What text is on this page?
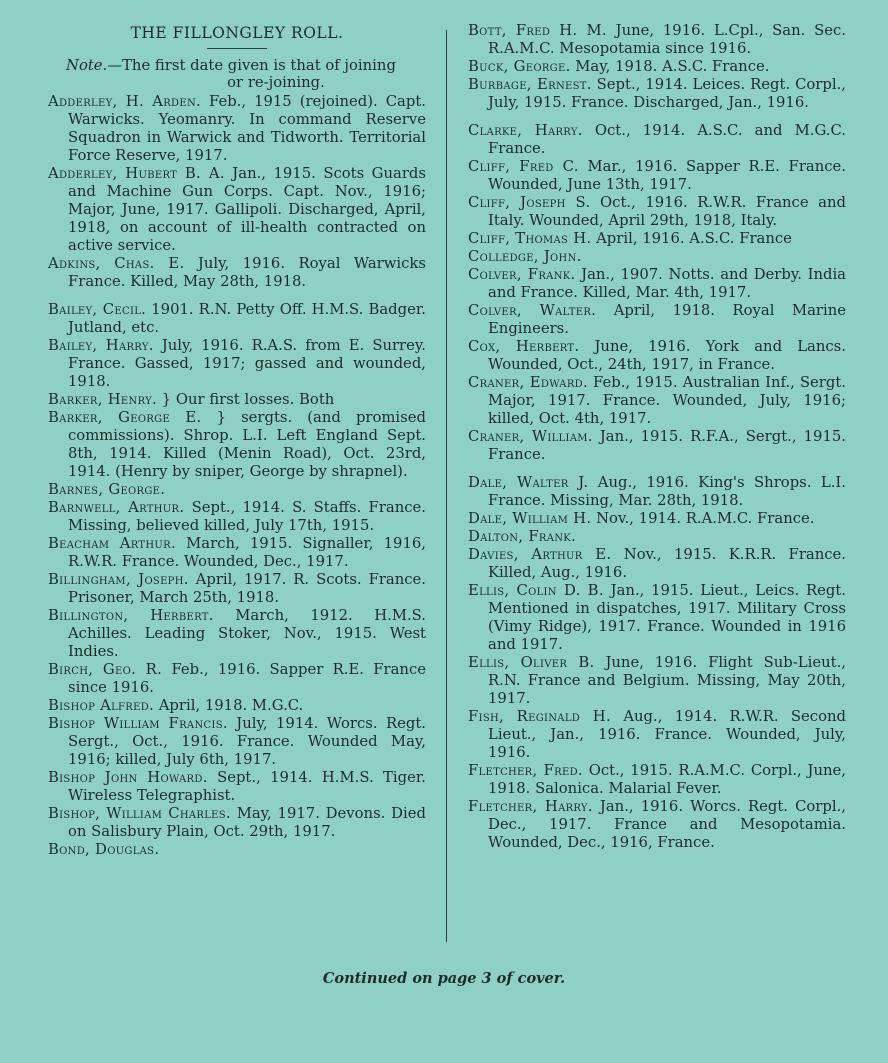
THE FILLONGLEY ROLL.
Note.—The first date given is that of joining
or re-joining.

Adderley, H. Arden. Feb., 1915 (rejoined). Capt. Warwicks. Yeomanry. In command Reserve Squadron in Warwick and Tidworth. Territorial Force Reserve, 1917.

Adderley, Hubert B. A. Jan., 1915. Scots Guards and Machine Gun Corps. Capt. Nov., 1916; Major, June, 1917. Gallipoli. Discharged, April, 1918, on account of ill-health contracted on active service.

Adkins, Chas. E. July, 1916. Royal Warwicks France. Killed, May 28th, 1918.

Bailey, Cecil. 1901. R.N. Petty Off. H.M.S. Badger. Jutland, etc.

Bailey, Harry. July, 1916. R.A.S. from E. Surrey. France. Gassed, 1917; gassed and wounded, 1918.

Barker, Henry. } Our first losses. Both

Barker, George E. } sergts. (and promised commissions). Shrop. L.I. Left England Sept. 8th, 1914. Killed (Menin Road), Oct. 23rd, 1914. (Henry by sniper, George by shrapnel).

Barnes, George.

Barnwell, Arthur. Sept., 1914. S. Staffs. France. Missing, believed killed, July 17th, 1915.

Beacham Arthur. March, 1915. Signaller, 1916, R.W.R. France. Wounded, Dec., 1917.

Billingham, Joseph. April, 1917. R. Scots. France. Prisoner, March 25th, 1918.

Billington, Herbert. March, 1912. H.M.S. Achilles. Leading Stoker, Nov., 1915. West Indies.

Birch, Geo. R. Feb., 1916. Sapper R.E. France since 1916.

Bishop Alfred. April, 1918. M.G.C.

Bishop William Francis. July, 1914. Worcs. Regt. Sergt., Oct., 1916. France. Wounded May, 1916; killed, July 6th, 1917.

Bishop John Howard. Sept., 1914. H.M.S. Tiger. Wireless Telegraphist.

Bishop, William Charles. May, 1917. Devons. Died on Salisbury Plain, Oct. 29th, 1917.

Bond, Douglas.

Bott, Fred H. M. June, 1916. L.Cpl., San. Sec. R.A.M.C. Mesopotamia since 1916.

Buck, George. May, 1918. A.S.C. France.

Burbage, Ernest. Sept., 1914. Leices. Regt. Corpl., July, 1915. France. Discharged, Jan., 1916.

Clarke, Harry. Oct., 1914. A.S.C. and M.G.C. France.

Cliff, Fred C. Mar., 1916. Sapper R.E. France. Wounded, June 13th, 1917.

Cliff, Joseph S. Oct., 1916. R.W.R. France and Italy. Wounded, April 29th, 1918, Italy.

Cliff, Thomas H. April, 1916. A.S.C. France

Colledge, John.

Colver, Frank. Jan., 1907. Notts. and Derby. India and France. Killed, Mar. 4th, 1917.

Colver, Walter. April, 1918. Royal Marine Engineers.

Cox, Herbert. June, 1916. York and Lancs. Wounded, Oct., 24th, 1917, in France.

Craner, Edward. Feb., 1915. Australian Inf., Sergt. Major, 1917. France. Wounded, July, 1916; killed, Oct. 4th, 1917.

Craner, William. Jan., 1915. R.F.A., Sergt., 1915. France.

Dale, Walter J. Aug., 1916. King's Shrops. L.I. France. Missing, Mar. 28th, 1918.

Dale, William H. Nov., 1914. R.A.M.C. France.

Dalton, Frank.

Davies, Arthur E. Nov., 1915. K.R.R. France. Killed, Aug., 1916.

Ellis, Colin D. B. Jan., 1915. Lieut., Leics. Regt. Mentioned in dispatches, 1917. Military Cross (Vimy Ridge), 1917. France. Wounded in 1916 and 1917.

Ellis, Oliver B. June, 1916. Flight Sub-Lieut., R.N. France and Belgium. Missing, May 20th, 1917.

Fish, Reginald H. Aug., 1914. R.W.R. Second Lieut., Jan., 1916. France. Wounded, July, 1916.

Fletcher, Fred. Oct., 1915. R.A.M.C. Corpl., June, 1918. Salonica. Malarial Fever.

Fletcher, Harry. Jan., 1916. Worcs. Regt. Corpl., Dec., 1917. France and Mesopotamia. Wounded, Dec., 1916, France.

Continued on page 3 of cover.
